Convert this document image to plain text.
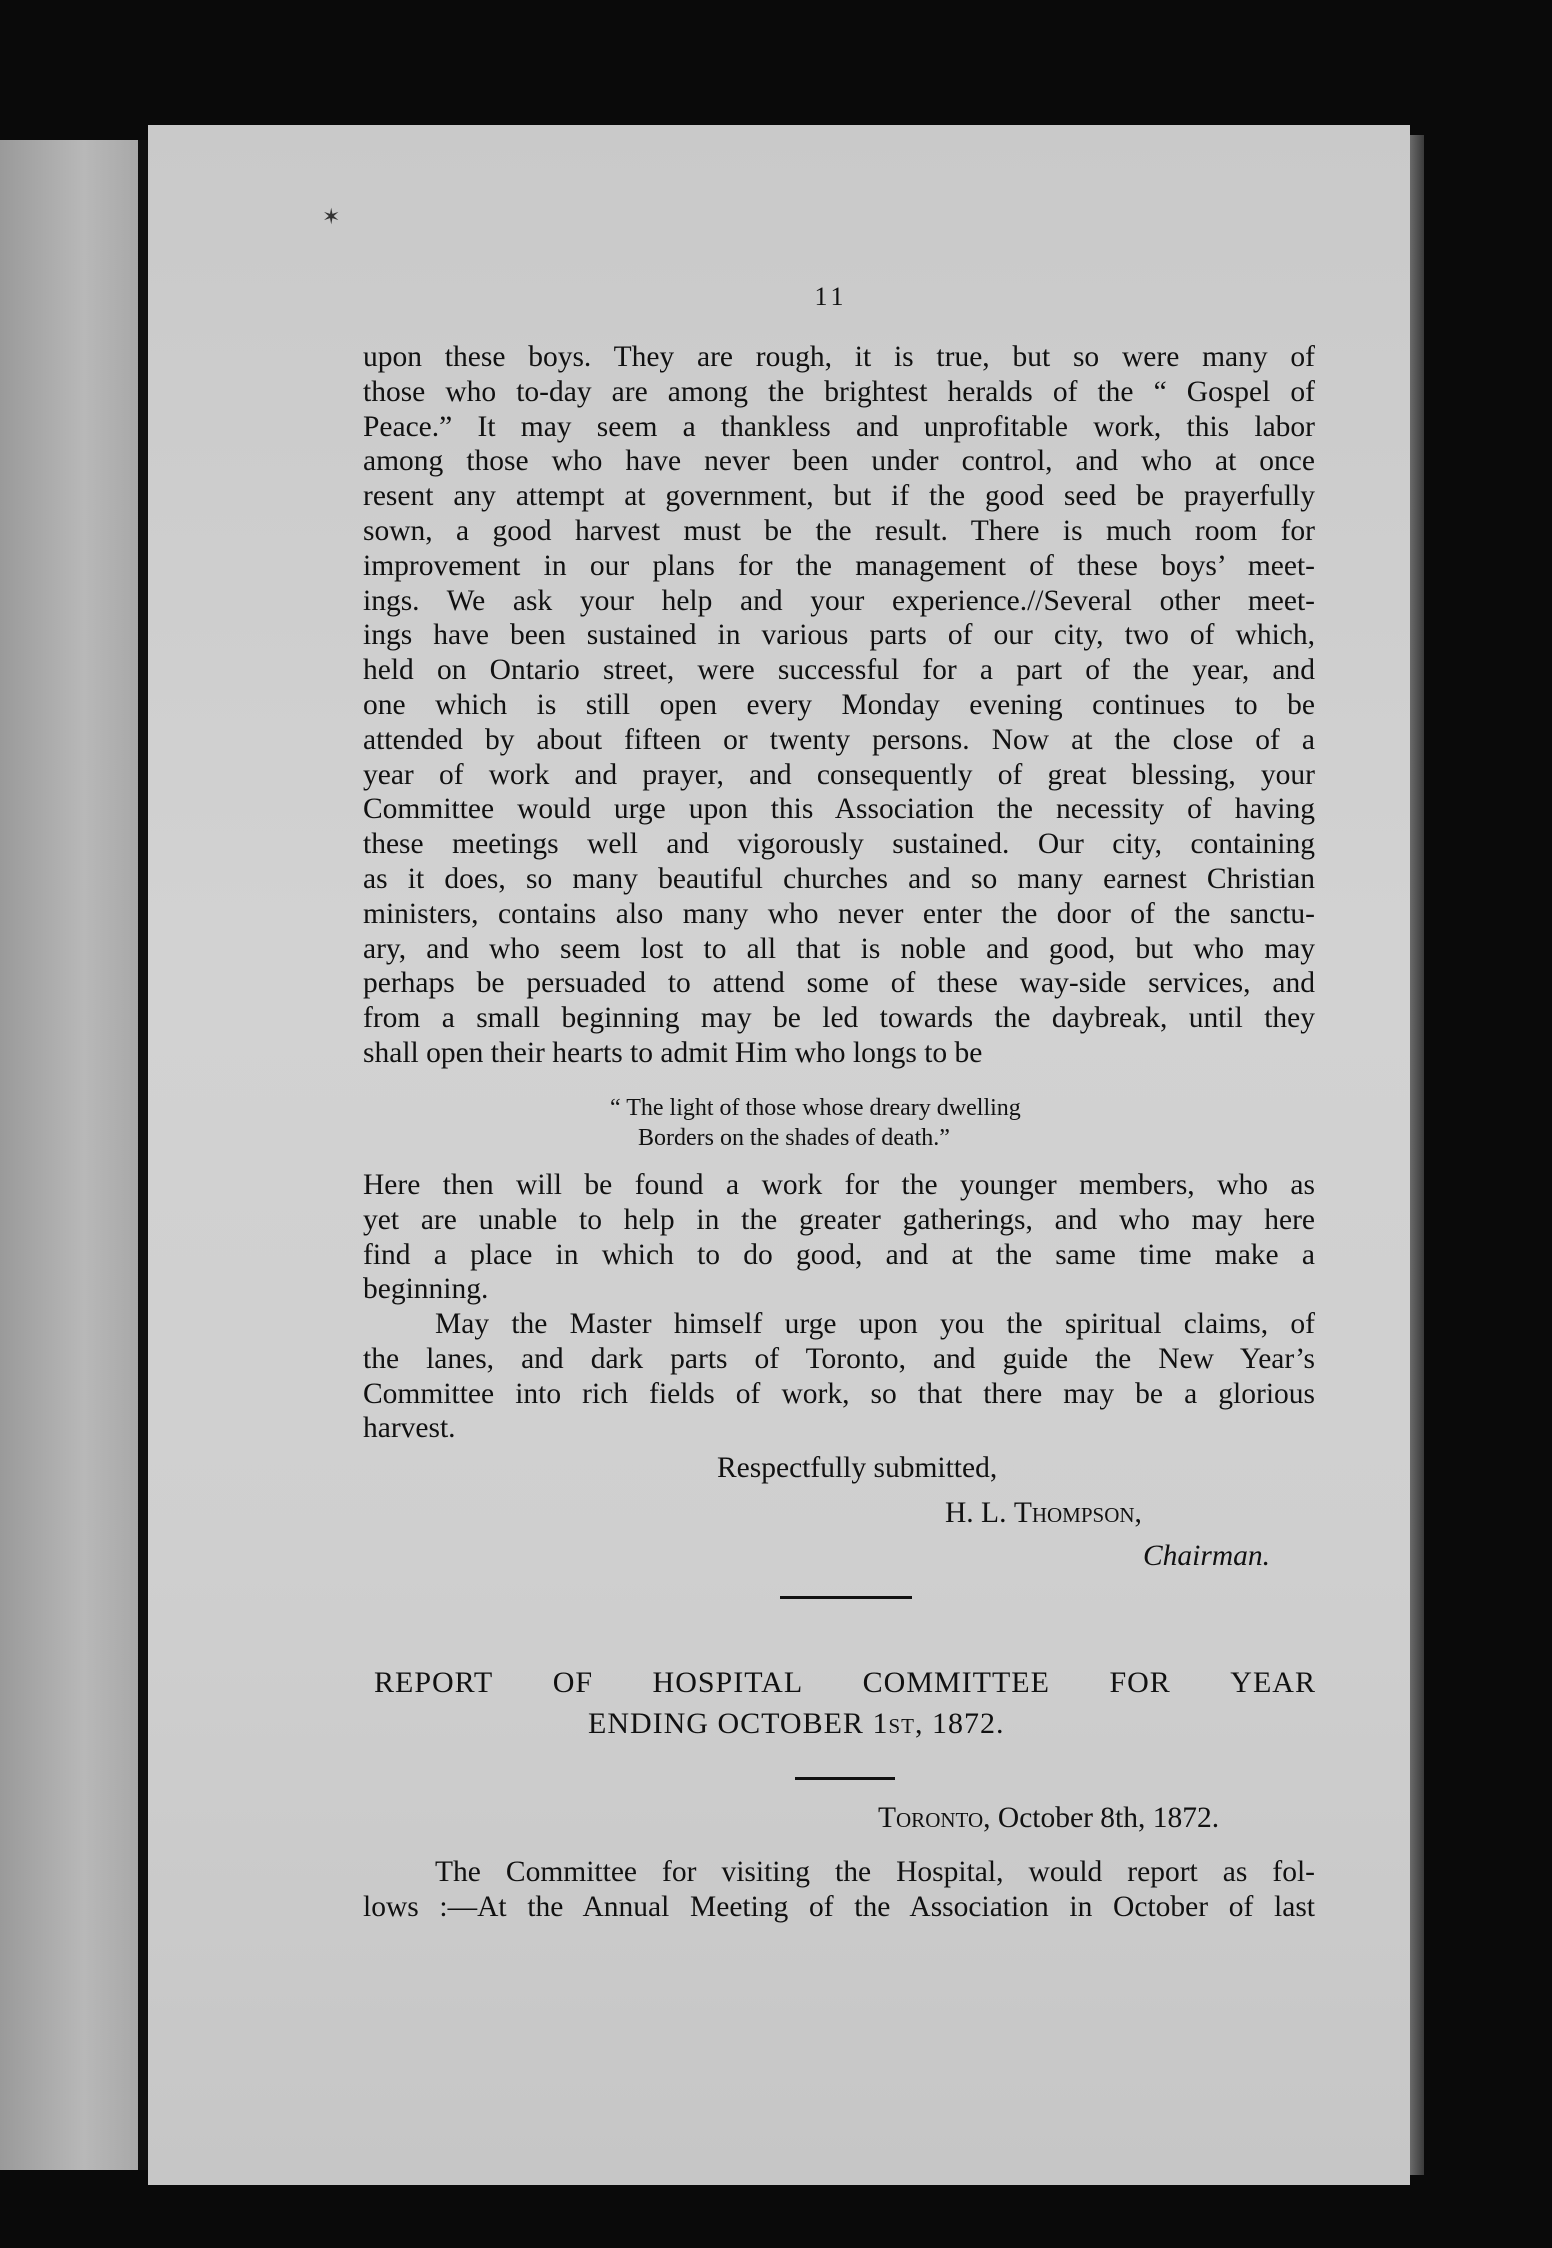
✶
11
upon these boys. They are rough, it is true, but so were many of
those who to-day are among the brightest heralds of the “ Gospel of
Peace.” It may seem a thankless and unprofitable work, this labor
among those who have never been under control, and who at once
resent any attempt at government, but if the good seed be prayerfully
sown, a good harvest must be the result. There is much room for
improvement in our plans for the management of these boys’ meet-
ings. We ask your help and your experience.//Several other meet-
ings have been sustained in various parts of our city, two of which,
held on Ontario street, were successful for a part of the year, and
one which is still open every Monday evening continues to be
attended by about fifteen or twenty persons. Now at the close of a
year of work and prayer, and consequently of great blessing, your
Committee would urge upon this Association the necessity of having
these meetings well and vigorously sustained. Our city, containing
as it does, so many beautiful churches and so many earnest Christian
ministers, contains also many who never enter the door of the sanctu-
ary, and who seem lost to all that is noble and good, but who may
perhaps be persuaded to attend some of these way-side services, and
from a small beginning may be led towards the daybreak, until they
shall open their hearts to admit Him who longs to be
“ The light of those whose dreary dwelling
Borders on the shades of death.”
Here then will be found a work for the younger members, who as
yet are unable to help in the greater gatherings, and who may here
find a place in which to do good, and at the same time make a
beginning.
May the Master himself urge upon you the spiritual claims, of
the lanes, and dark parts of Toronto, and guide the New Year’s
Committee into rich fields of work, so that there may be a glorious
harvest.
Respectfully submitted,
H. L. Thompson,
Chairman.
REPORT OF HOSPITAL COMMITTEE FOR YEAR
ENDING OCTOBER 1st, 1872.
Toronto, October 8th, 1872.
The Committee for visiting the Hospital, would report as fol-
lows :—At the Annual Meeting of the Association in October of last
